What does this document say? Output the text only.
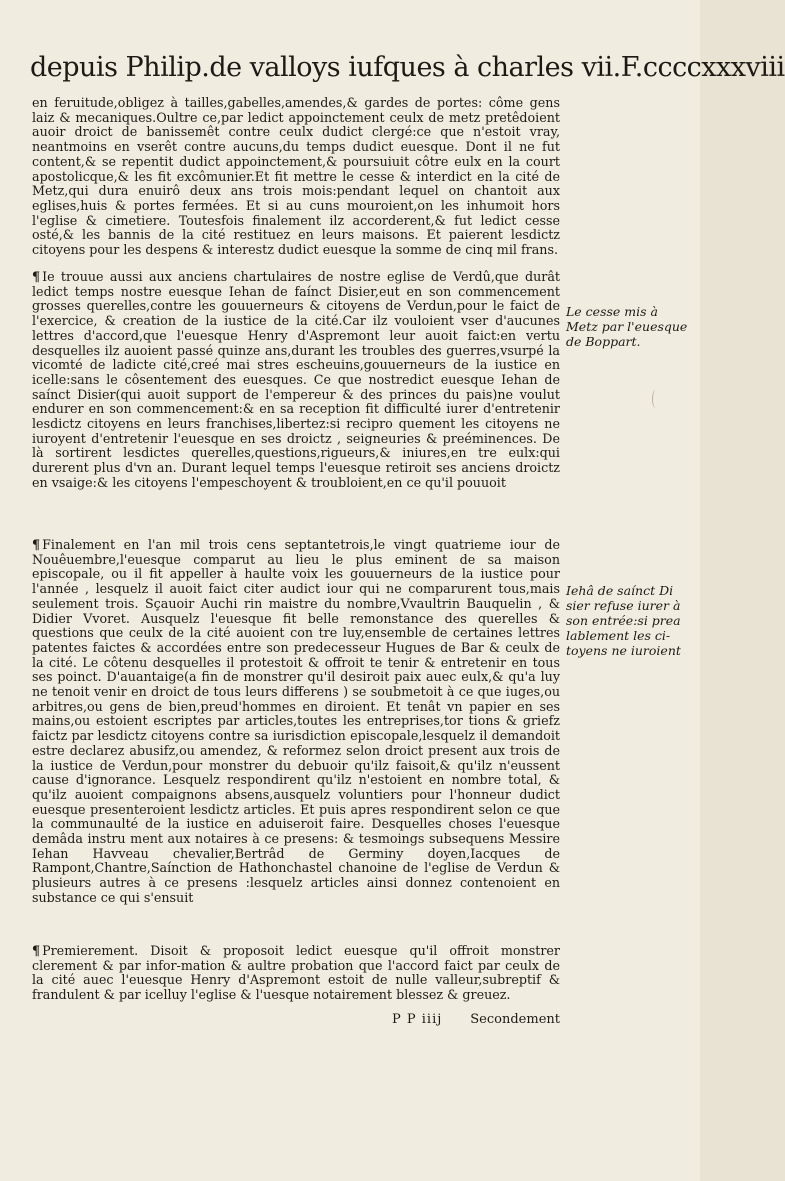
depuis Philip.de valloys iufques à charles vii.F.ccccxxxviii

en feruitude,obligez à tailles,gabelles,amendes,& gardes de portes: côme gens laiz & mecaniques.Oultre ce,par ledict appoinctement ceulx de metz pretêdoient auoir droict de banissemêt contre ceulx dudict clergé:ce que n'estoit vray, neantmoins en vserêt contre aucuns,du temps dudict euesque. Dont il ne fut content,& se repentit dudict appoinctement,& poursuiuit côtre eulx en la court apostolicque,& les fit excômunier.Et fit mettre le cesse & interdict en la cité de Metz,qui dura enuirô deux ans trois mois:pendant lequel on chantoit aux eglises,huis & portes fermées. Et si au cuns mouroient,on les inhumoit hors l'eglise & cimetiere. Toutesfois finalement ilz accorderent,& fut ledict cesse osté,& les bannis de la cité restituez en leurs maisons. Et paierent lesdictz citoyens pour les despens & interestz dudict euesque la somme de cinq mil frans.

¶ Ie trouue aussi aux anciens chartulaires de nostre eglise de Verdû,que durât ledict temps nostre euesque Iehan de faínct Disier,eut en son commencement grosses querelles,contre les gouuerneurs & citoyens de Verdun,pour le faict de l'exercice, & creation de la iustice de la cité.Car ilz vouloient vser d'aucunes lettres d'accord,que l'euesque Henry d'Aspremont leur auoit faict:en vertu desquelles ilz auoient passé quinze ans,durant les troubles des guerres,vsurpé la vicomté de ladicte cité,creé mai stres escheuins,gouuerneurs de la iustice en icelle:sans le côsentement des euesques. Ce que nostredict euesque Iehan de saínct Disier(qui auoit support de l'empereur & des princes du pais)ne voulut endurer en son commencement:& en sa reception fit difficulté iurer d'entretenir lesdictz citoyens en leurs franchises,libertez:si recipro quement les citoyens ne iuroyent d'entretenir l'euesque en ses droictz , seigneuries & preéminences. De là sortirent lesdictes querelles,questions,rigueurs,& iniures,en tre eulx:qui durerent plus d'vn an. Durant lequel temps l'euesque retiroit ses anciens droictz en vsaige:& les citoyens l'empeschoyent & troubloient,en ce qu'il pouuoit

¶ Finalement en l'an mil trois cens septantetrois,le vingt quatrieme iour de Nouêuembre,l'euesque comparut au lieu le plus eminent de sa maison episcopale, ou il fit appeller à haulte voix les gouuerneurs de la iustice pour l'année , lesquelz il auoit faict citer audict iour qui ne comparurent tous,mais seulement trois. Sçauoir Auchi rin maistre du nombre,Vvaultrin Bauquelin , & Didier Vvoret. Ausquelz l'euesque fit belle remonstance des querelles & questions que ceulx de la cité auoient con tre luy,ensemble de certaines lettres patentes faictes & accordées entre son predecesseur Hugues de Bar & ceulx de la cité. Le côtenu desquelles il protestoit & offroit te tenir & entretenir en tous ses poinct. D'auantaige(a fin de monstrer qu'il desiroit paix auec eulx,& qu'a luy ne tenoit venir en droict de tous leurs differens ) se soubmetoit à ce que iuges,ou arbitres,ou gens de bien,preud'hommes en diroient. Et tenât vn papier en ses mains,ou estoient escriptes par articles,toutes les entreprises,tor tions & griefz faictz par lesdictz citoyens contre sa iurisdiction episcopale,lesquelz il demandoit estre declarez abusifz,ou amendez, & reformez selon droict present aux trois de la iustice de Verdun,pour monstrer du debuoir qu'ilz faisoit,& qu'ilz n'eussent cause d'ignorance. Lesquelz respondirent qu'ilz n'estoient en nombre total, & qu'ilz auoient compaignons absens,ausquelz voluntiers pour l'honneur dudict euesque presenteroient lesdictz articles. Et puis apres respondirent selon ce que la communaulté de la iustice en aduiseroit faire. Desquelles choses l'euesque demâda instru ment aux notaires à ce presens: & tesmoings subsequens Messire Iehan Havveau chevalier,Bertrâd de Germiny doyen,Iacques de Rampont,Chantre,Saínction de Hathonchastel chanoine de l'eglise de Verdun & plusieurs autres à ce presens :lesquelz articles ainsi donnez contenoient en substance ce qui s'ensuit

¶ Premierement. Disoit & proposoit ledict euesque qu'il offroit monstrer clerement & par infor-mation & aultre probation que l'accord faict par ceulx de la cité auec l'euesque Henry d'Aspremont estoit de nulle valleur,subreptif & frandulent & par icelluy l'eglise & l'uesque notairement blessez & greuez.

Le cesse mis à Metz par l'euesque de Boppart.
Iehâ de saínct Di sier refuse iurer à son entrée:si prea lablement les ci-toyens ne iuroient
P P iiij Secondement
